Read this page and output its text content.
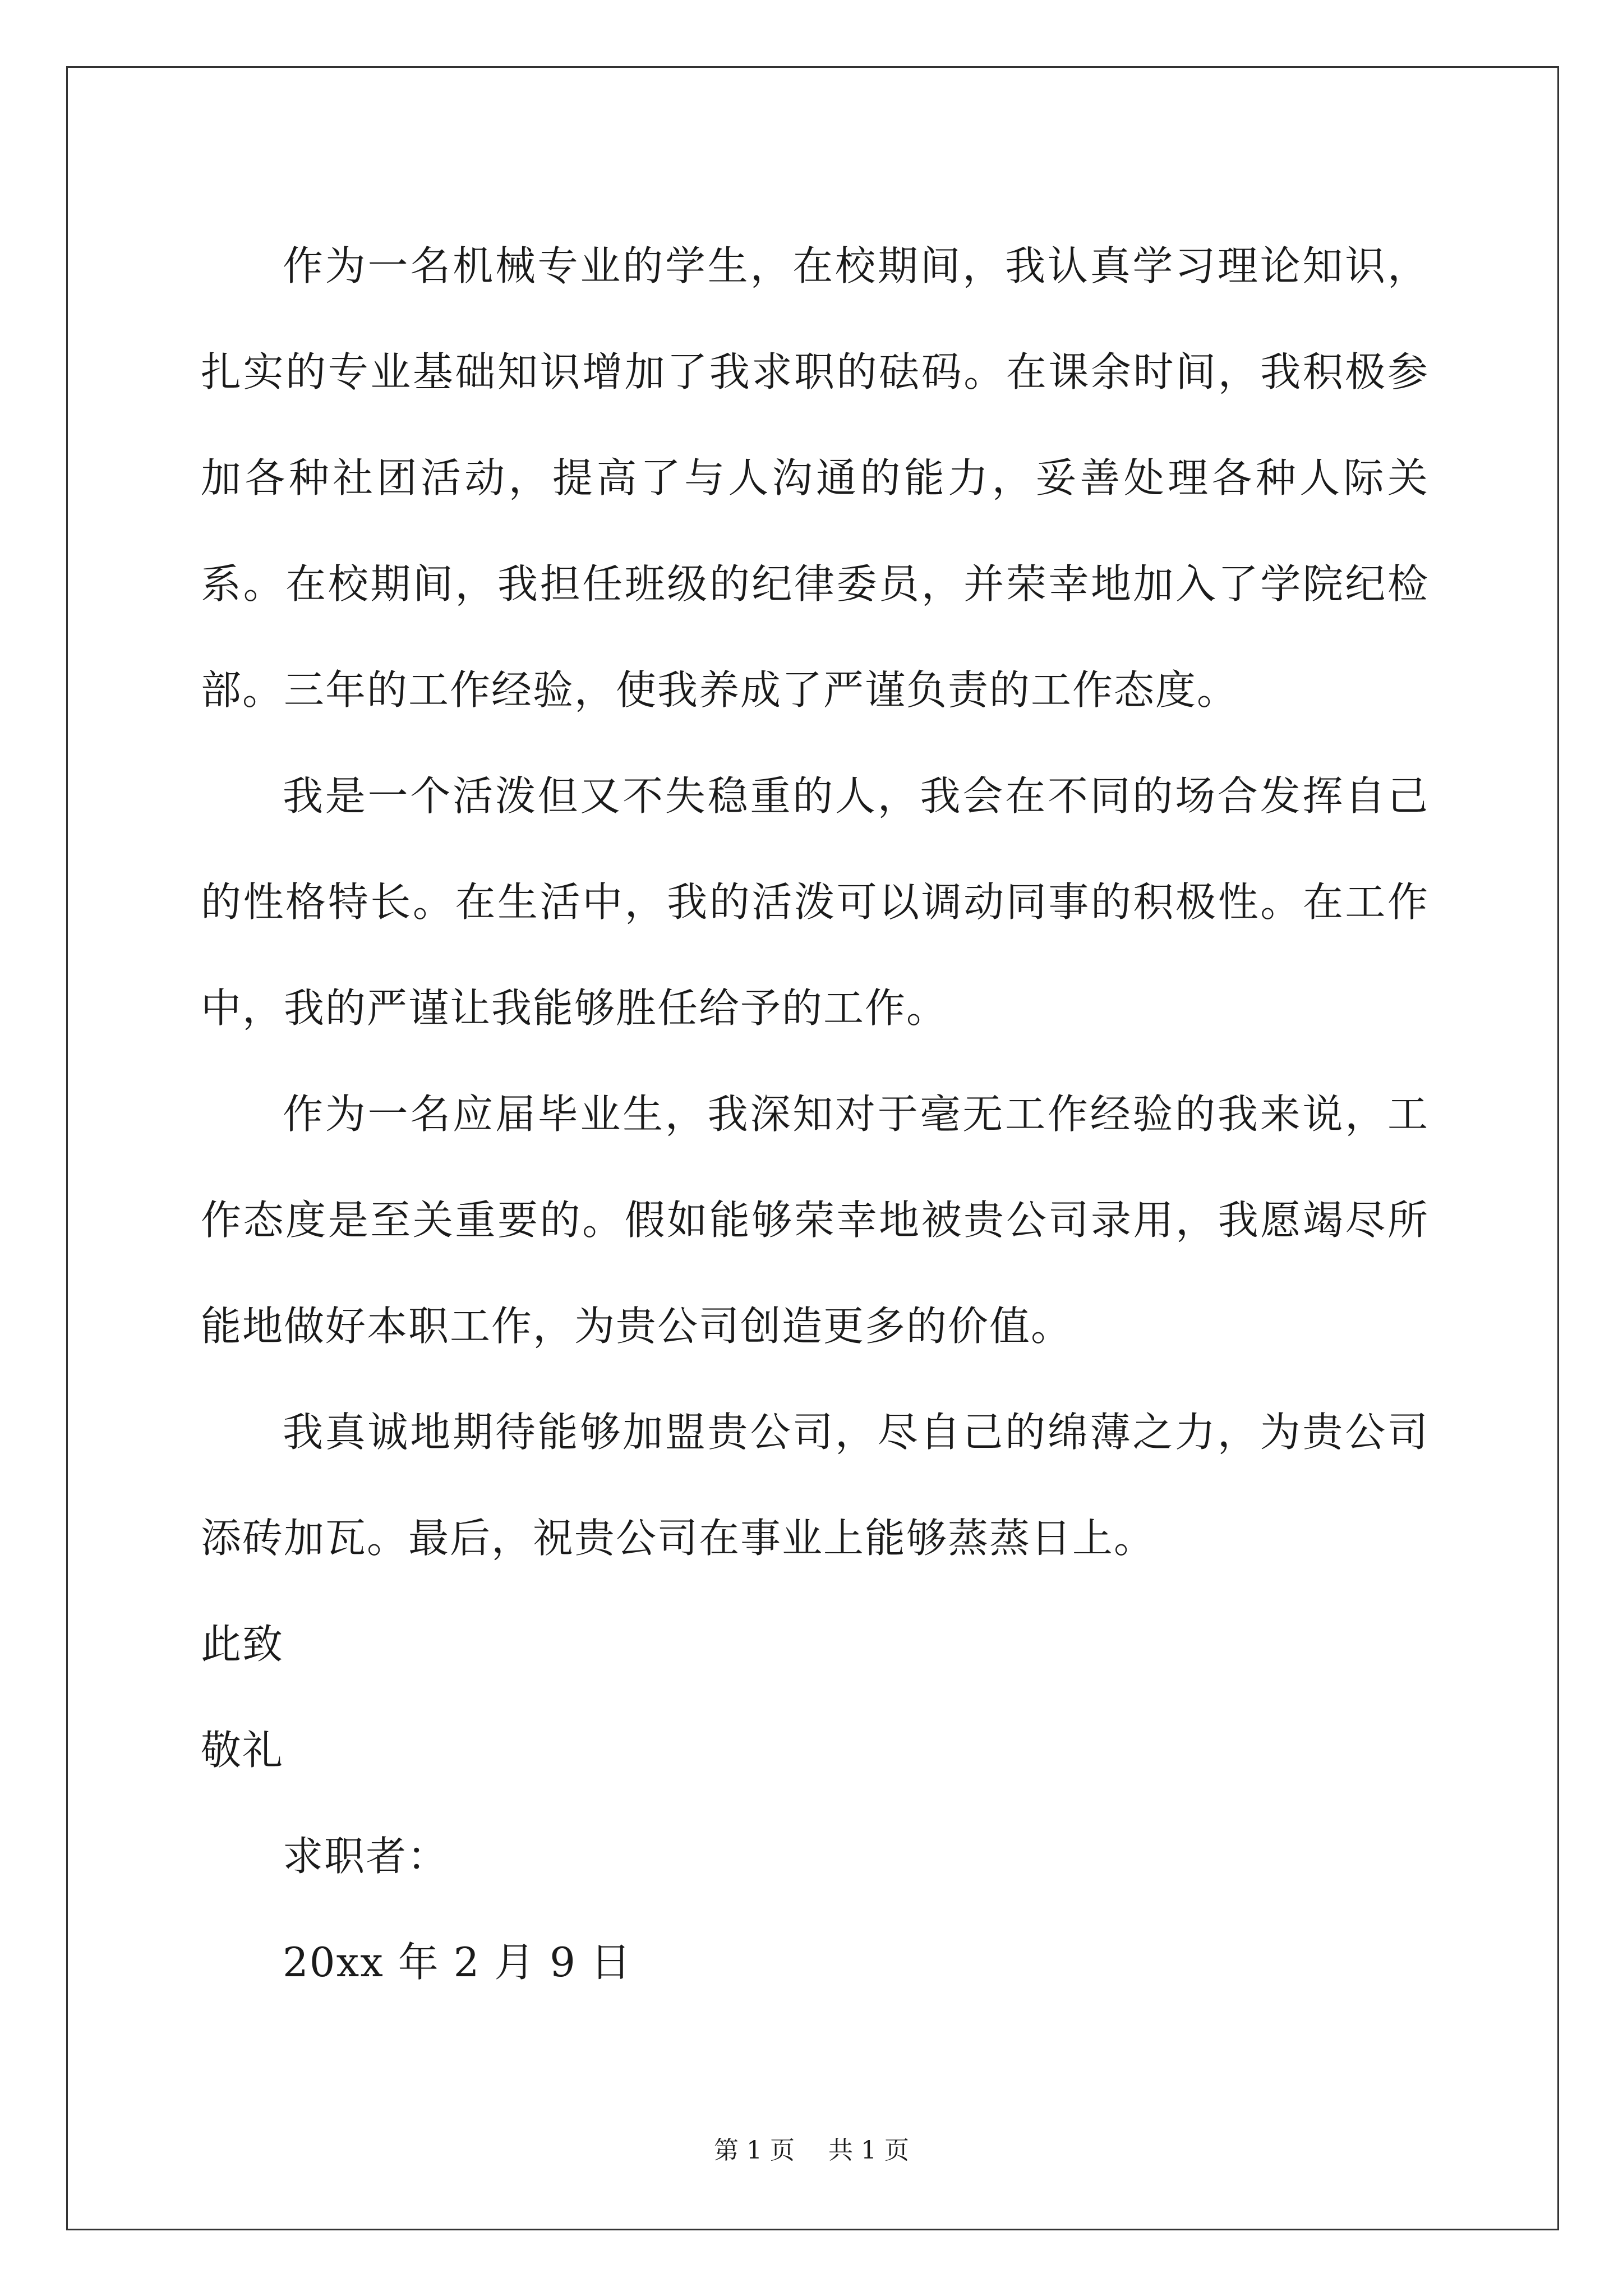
作为一名机械专业的学生，在校期间，我认真学习理论知识，扎实的专业基础知识增加了我求职的砝码。在课余时间，我积极参加各种社团活动，提高了与人沟通的能力，妥善处理各种人际关系。在校期间，我担任班级的纪律委员，并荣幸地加入了学院纪检部。三年的工作经验，使我养成了严谨负责的工作态度。

我是一个活泼但又不失稳重的人，我会在不同的场合发挥自己的性格特长。在生活中，我的活泼可以调动同事的积极性。在工作中，我的严谨让我能够胜任给予的工作。

作为一名应届毕业生，我深知对于毫无工作经验的我来说，工作态度是至关重要的。假如能够荣幸地被贵公司录用，我愿竭尽所能地做好本职工作，为贵公司创造更多的价值。

我真诚地期待能够加盟贵公司，尽自己的绵薄之力，为贵公司添砖加瓦。最后，祝贵公司在事业上能够蒸蒸日上。

此致

敬礼

求职者：

20xx 年 2 月 9 日

第 1 页 共 1 页
